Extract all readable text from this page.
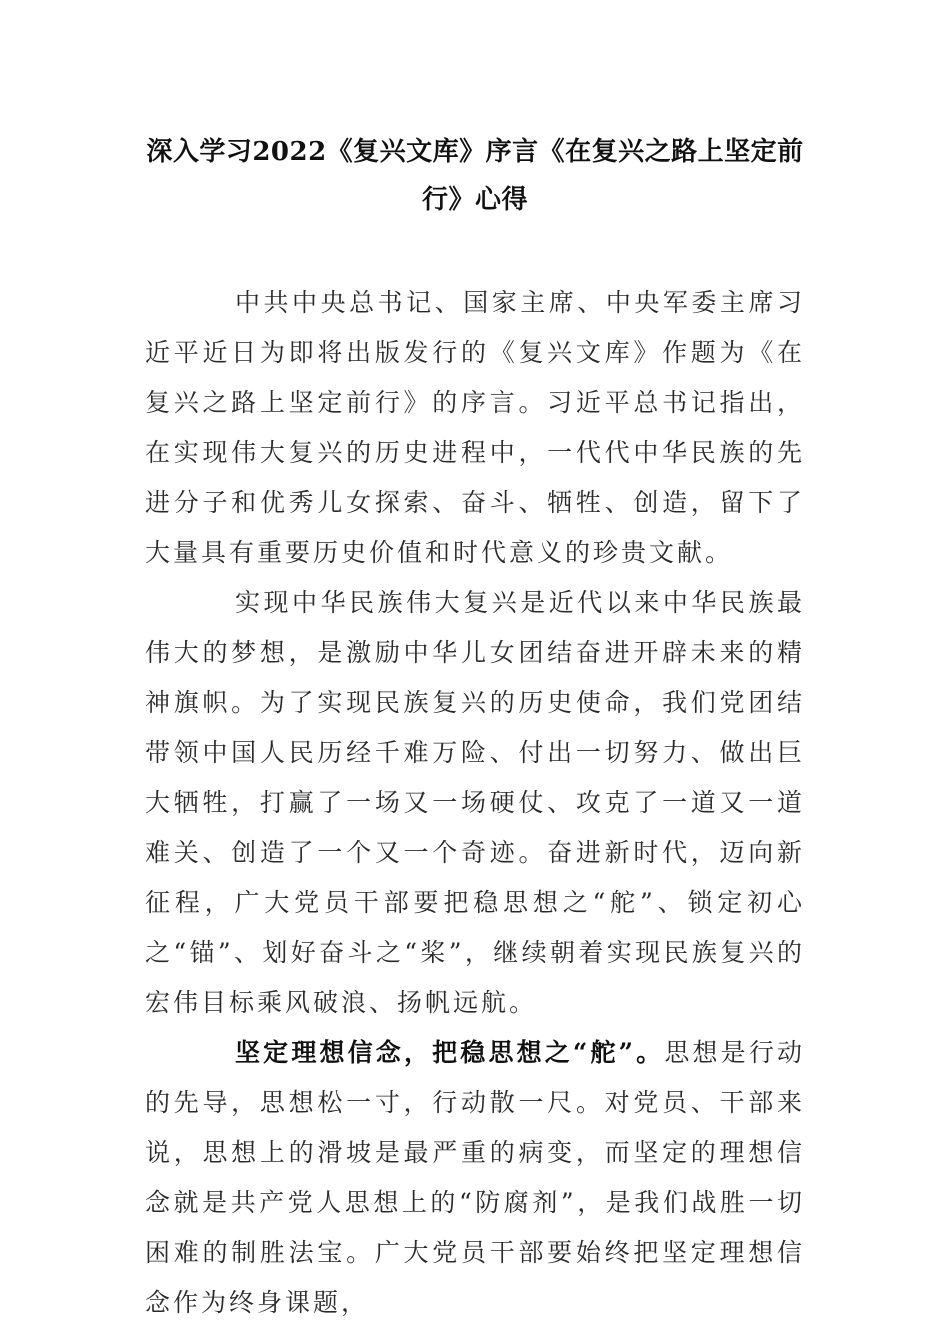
深入学习2022《复兴文库》序言《在复兴之路上坚定前行》心得

中共中央总书记、国家主席、中央军委主席习近平近日为即将出版发行的《复兴文库》作题为《在复兴之路上坚定前行》的序言。习近平总书记指出，在实现伟大复兴的历史进程中，一代代中华民族的先进分子和优秀儿女探索、奋斗、牺牲、创造，留下了大量具有重要历史价值和时代意义的珍贵文献。

实现中华民族伟大复兴是近代以来中华民族最伟大的梦想，是激励中华儿女团结奋进开辟未来的精神旗帜。为了实现民族复兴的历史使命，我们党团结带领中国人民历经千难万险、付出一切努力、做出巨大牺牲，打赢了一场又一场硬仗、攻克了一道又一道难关、创造了一个又一个奇迹。奋进新时代，迈向新征程，广大党员干部要把稳思想之“舵”、锁定初心之“锚”、划好奋斗之“桨”，继续朝着实现民族复兴的宏伟目标乘风破浪、扬帆远航。

坚定理想信念，把稳思想之“舵”。思想是行动的先导，思想松一寸，行动散一尺。对党员、干部来说，思想上的滑坡是最严重的病变，而坚定的理想信念就是共产党人思想上的“防腐剂”，是我们战胜一切困难的制胜法宝。广大党员干部要始终把坚定理想信念作为终身课题，
